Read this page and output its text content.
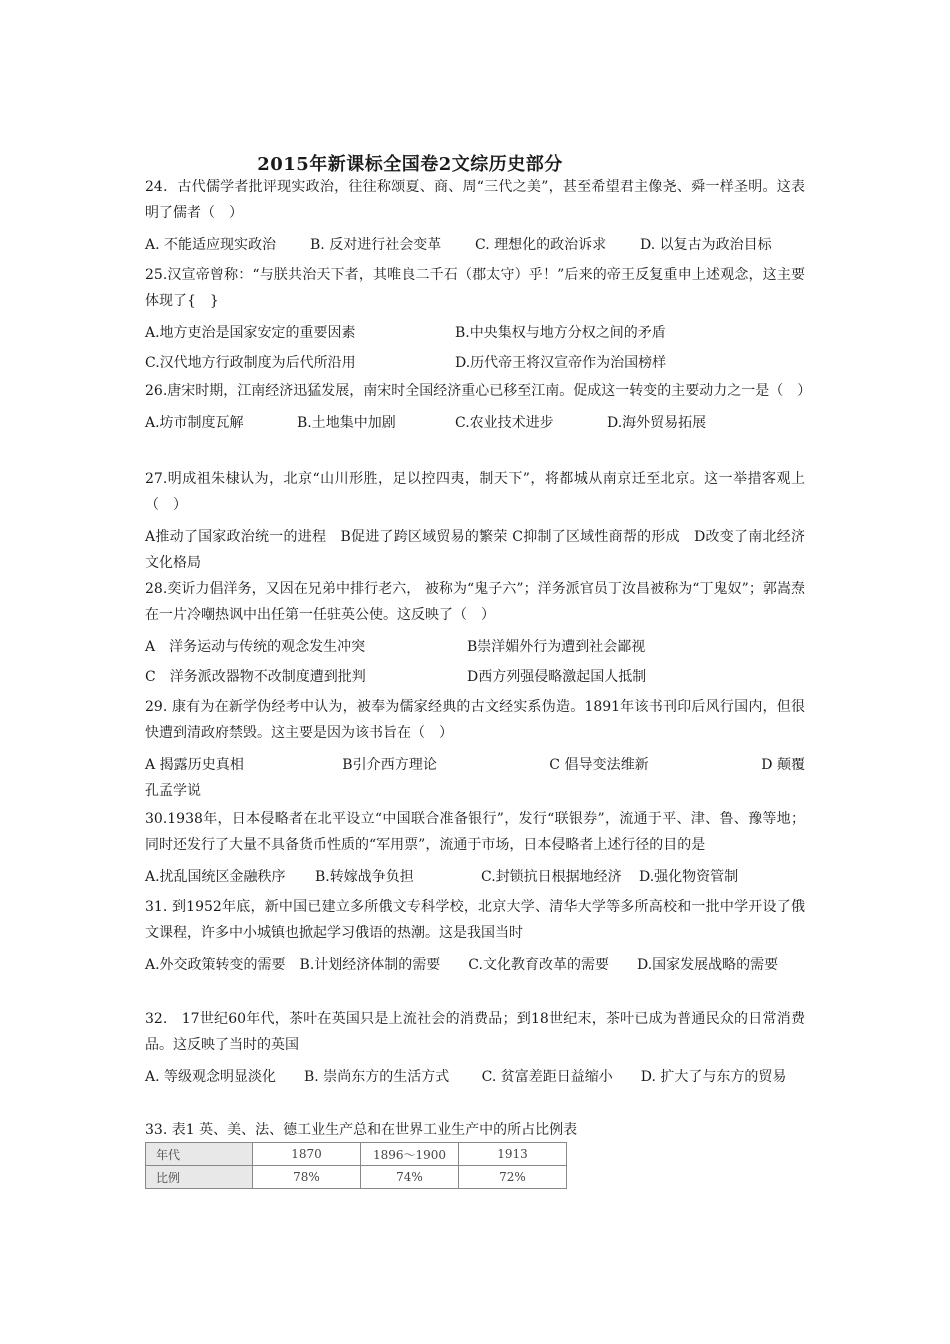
2015年新课标全国卷2文综历史部分

24．古代儒学者批评现实政治，往往称颂夏、商、周“三代之美”，甚至希望君主像尧、舜一样圣明。这表明了儒者（　）

A. 不能适应现实政治	B. 反对进行社会变革	C. 理想化的政治诉求	D. 以复古为政治目标

25.汉宣帝曾称：“与朕共治天下者，其唯良二千石（郡太守）乎！”后来的帝王反复重申上述观念，这主要体现了{　}

A.地方吏治是国家安定的重要因素	B.中央集权与地方分权之间的矛盾
C.汉代地方行政制度为后代所沿用	D.历代帝王将汉宣帝作为治国榜样

26.唐宋时期，江南经济迅猛发展，南宋时全国经济重心已移至江南。促成这一转变的主要动力之一是（　）

A.坊市制度瓦解	B.土地集中加剧	C.农业技术进步	D.海外贸易拓展

27.明成祖朱棣认为，北京“山川形胜，足以控四夷，制天下”，将都城从南京迁至北京。这一举措客观上（　）

A推动了国家政治统一的进程　B促进了跨区域贸易的繁荣 C抑制了区域性商帮的形成　D改变了南北经济文化格局

28.奕䜣力倡洋务，又因在兄弟中排行老六， 被称为“鬼子六”；洋务派官员丁汝昌被称为“丁鬼奴”；郭嵩焘在一片冷嘲热讽中出任第一任驻英公使。这反映了（　）

A　洋务运动与传统的观念发生冲突	B崇洋媚外行为遭到社会鄙视
C　洋务派改器物不改制度遭到批判	D西方列强侵略激起国人抵制

29. 康有为在新学伪经考中认为，被奉为儒家经典的古文经实系伪造。1891年该书刊印后风行国内，但很快遭到清政府禁毁。这主要是因为该书旨在（　）

A 揭露历史真相　　　　　　　B引介西方理论　　　　　　　　C 倡导变法维新　　　　　　　　D 颠覆孔孟学说

30.1938年，日本侵略者在北平设立“中国联合准备银行”，发行“联银券”，流通于平、津、鲁、豫等地；同时还发行了大量不具备货币性质的“军用票”，流通于市场，日本侵略者上述行径的目的是

A.扰乱国统区金融秩序	B.转嫁战争负担	C.封锁抗日根据地经济	D.强化物资管制

31. 到1952年底，新中国已建立多所俄文专科学校，北京大学、清华大学等多所高校和一批中学开设了俄文课程，许多中小城镇也掀起学习俄语的热潮。这是我国当时

A.外交政策转变的需要　B.计划经济体制的需要　　C.文化教育改革的需要　　D.国家发展战略的需要

32.　17世纪60年代，茶叶在英国只是上流社会的消费品；到18世纪末，茶叶已成为普通民众的日常消费品。这反映了当时的英国

A. 等级观念明显淡化　　B. 崇尚东方的生活方式　　 C. 贫富差距日益缩小　　D. 扩大了与东方的贸易

33. 表1 英、美、法、德工业生产总和在世界工业生产中的所占比例表
年代	1870	1896～1900	1913
比例	78%	74%	72%
